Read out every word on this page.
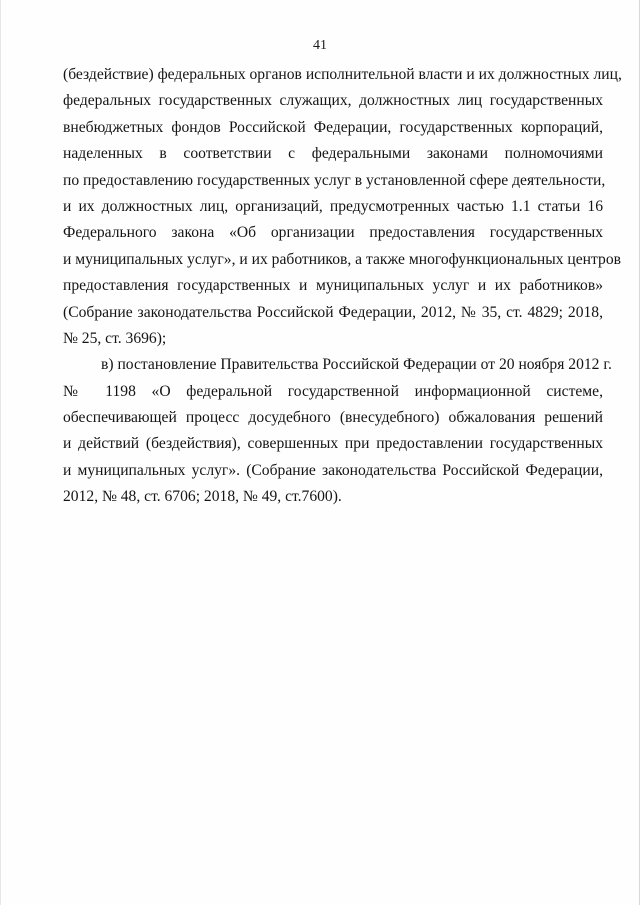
41
(бездействие) федеральных органов исполнительной власти и их должностных лиц,
федеральных государственных служащих, должностных лиц государственных
внебюджетных фондов Российской Федерации, государственных корпораций,
наделенных в соответствии с федеральными законами полномочиями
по предоставлению государственных услуг в установленной сфере деятельности,
и их должностных лиц, организаций, предусмотренных частью 1.1 статьи 16
Федерального закона «Об организации предоставления государственных
и муниципальных услуг», и их работников, а также многофункциональных центров
предоставления государственных и муниципальных услуг и их работников»
(Собрание законодательства Российской Федерации, 2012, № 35, ст. 4829; 2018,
№ 25, ст. 3696);
в) постановление Правительства Российской Федерации от 20 ноября 2012 г.
№ 1198 «О федеральной государственной информационной системе,
обеспечивающей процесс досудебного (внесудебного) обжалования решений
и действий (бездействия), совершенных при предоставлении государственных
и муниципальных услуг». (Собрание законодательства Российской Федерации,
2012, № 48, ст. 6706; 2018, № 49, ст.7600).
